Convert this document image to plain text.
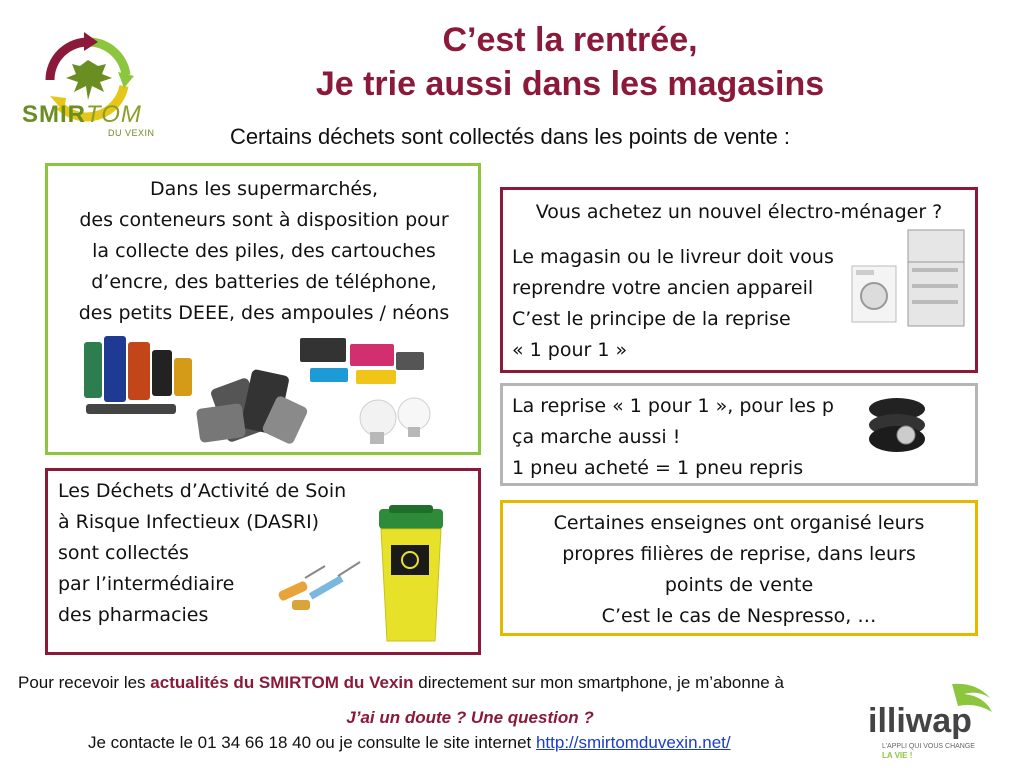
SMIRTOM
DU VEXIN
C’est la rentrée,
Je trie aussi dans les magasins
Certains déchets sont collectés dans les points de vente :
Dans les supermarchés,
des conteneurs sont à disposition pour
la collecte des piles, des cartouches
d’encre, des batteries de téléphone,
des petits DEEE, des ampoules / néons
Vous achetez un nouvel électro-ménager ?
Le magasin ou le livreur doit vous
reprendre votre ancien appareil
C’est le principe de la reprise
« 1 pour 1 »
La reprise « 1 pour 1 », pour les p
ça marche aussi !
1 pneu acheté = 1 pneu repris
Les Déchets d’Activité de Soin
à Risque Infectieux (DASRI)
sont collectés
par l’intermédiaire
des pharmacies
Certaines enseignes ont organisé leurs
propres filières de reprise, dans leurs
points de vente
C’est le cas de Nespresso, …
Pour recevoir les actualités du SMIRTOM du Vexin directement sur mon smartphone, je m’abonne à
J’ai un doute ? Une question ?
Je contacte le 01 34 66 18 40 ou je consulte le site internet http://smirtomduvexin.net/
illiwap
L’APPLI QUI VOUS CHANGE
LA VIE !
